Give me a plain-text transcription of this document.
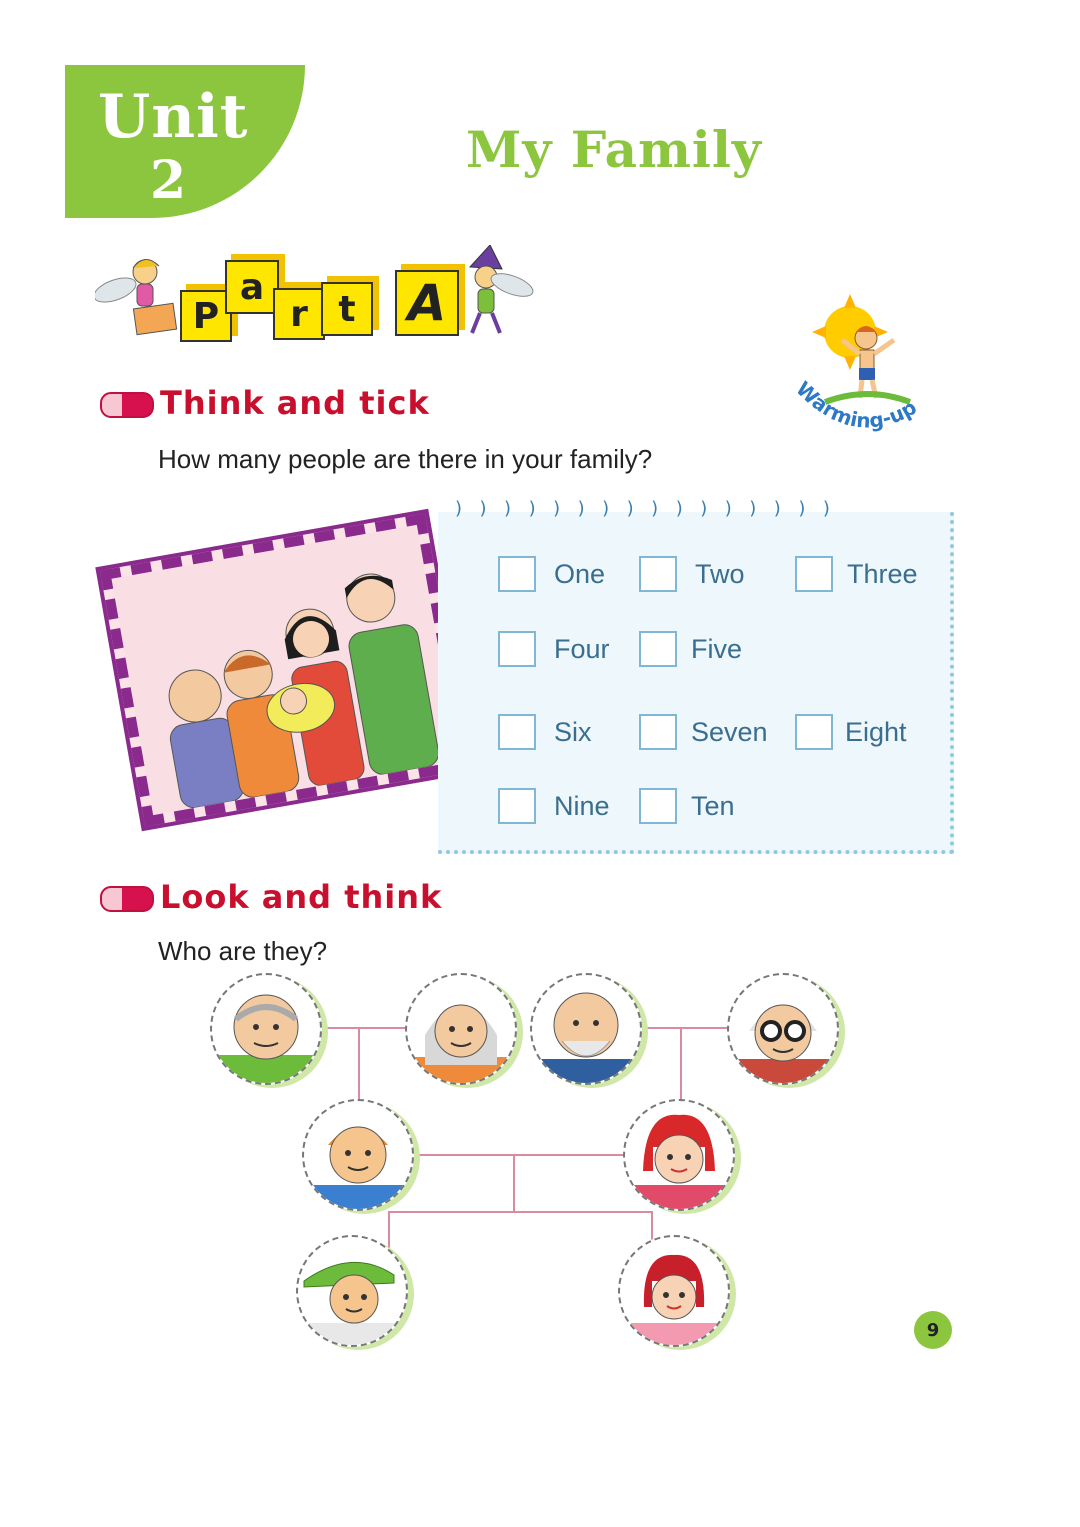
Unit
2
My Family
P
a
r t	A
Warming-up
Think and tick
How many people are there in your family?
))))))))))))))))
One	Two	Three
Four	Five
Six	Seven	Eight
Nine	Ten
Look and think
Who are they?
9
